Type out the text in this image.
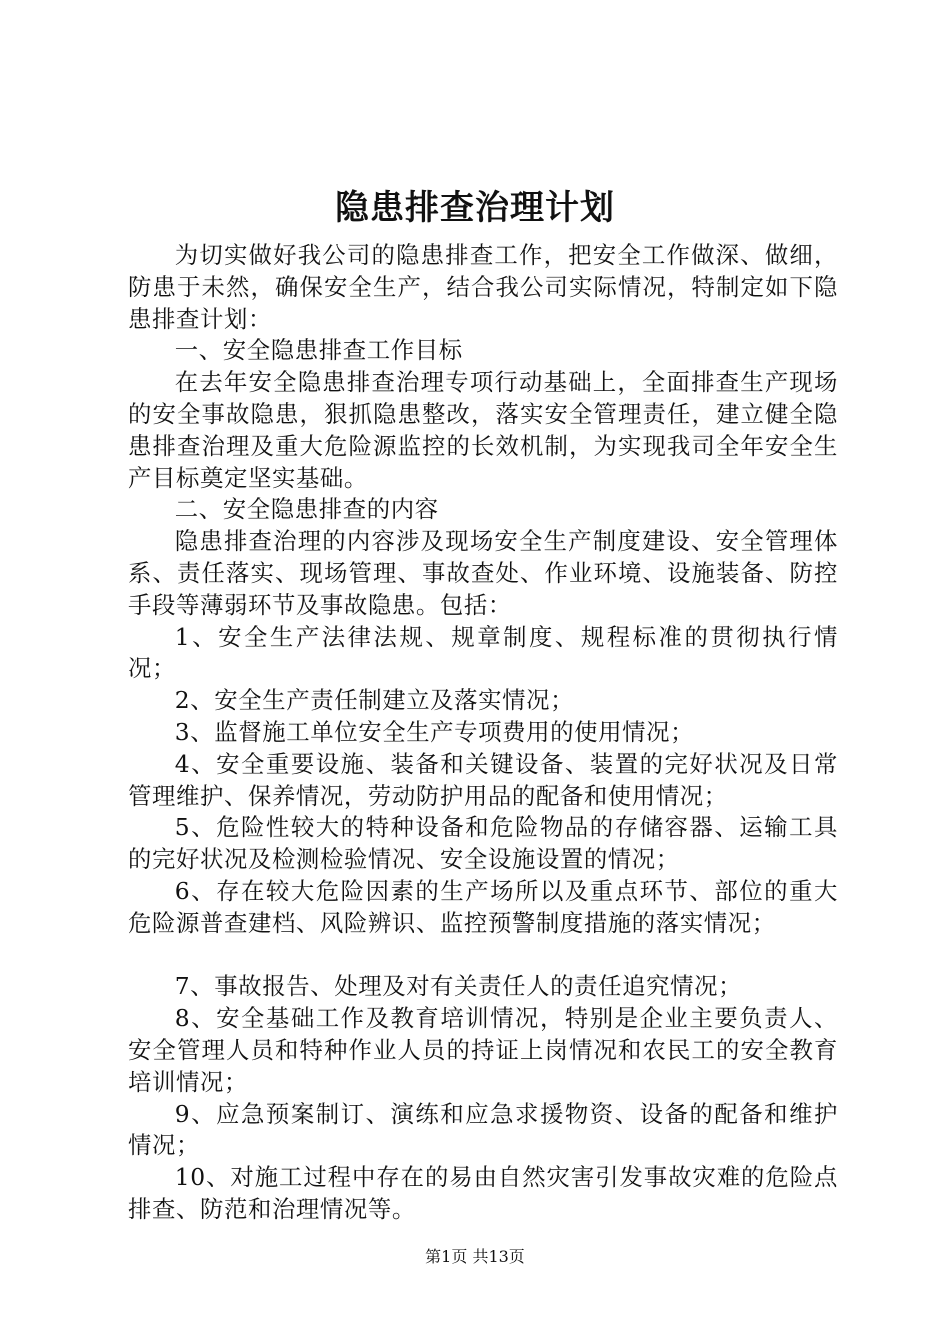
隐患排查治理计划

为切实做好我公司的隐患排查工作，把安全工作做深、做细，防患于未然，确保安全生产，结合我公司实际情况，特制定如下隐患排查计划：

一、安全隐患排查工作目标

在去年安全隐患排查治理专项行动基础上，全面排查生产现场的安全事故隐患，狠抓隐患整改，落实安全管理责任，建立健全隐患排查治理及重大危险源监控的长效机制，为实现我司全年安全生产目标奠定坚实基础。

二、安全隐患排查的内容

隐患排查治理的内容涉及现场安全生产制度建设、安全管理体系、责任落实、现场管理、事故查处、作业环境、设施装备、防控手段等薄弱环节及事故隐患。包括：

1、安全生产法律法规、规章制度、规程标准的贯彻执行情况；

2、安全生产责任制建立及落实情况；

3、监督施工单位安全生产专项费用的使用情况；

4、安全重要设施、装备和关键设备、装置的完好状况及日常管理维护、保养情况，劳动防护用品的配备和使用情况；

5、危险性较大的特种设备和危险物品的存储容器、运输工具的完好状况及检测检验情况、安全设施设置的情况；

6、存在较大危险因素的生产场所以及重点环节、部位的重大危险源普查建档、风险辨识、监控预警制度措施的落实情况；

7、事故报告、处理及对有关责任人的责任追究情况；

8、安全基础工作及教育培训情况，特别是企业主要负责人、安全管理人员和特种作业人员的持证上岗情况和农民工的安全教育培训情况；

9、应急预案制订、演练和应急求援物资、设备的配备和维护情况；

10、对施工过程中存在的易由自然灾害引发事故灾难的危险点排查、防范和治理情况等。

第1页 共13页
